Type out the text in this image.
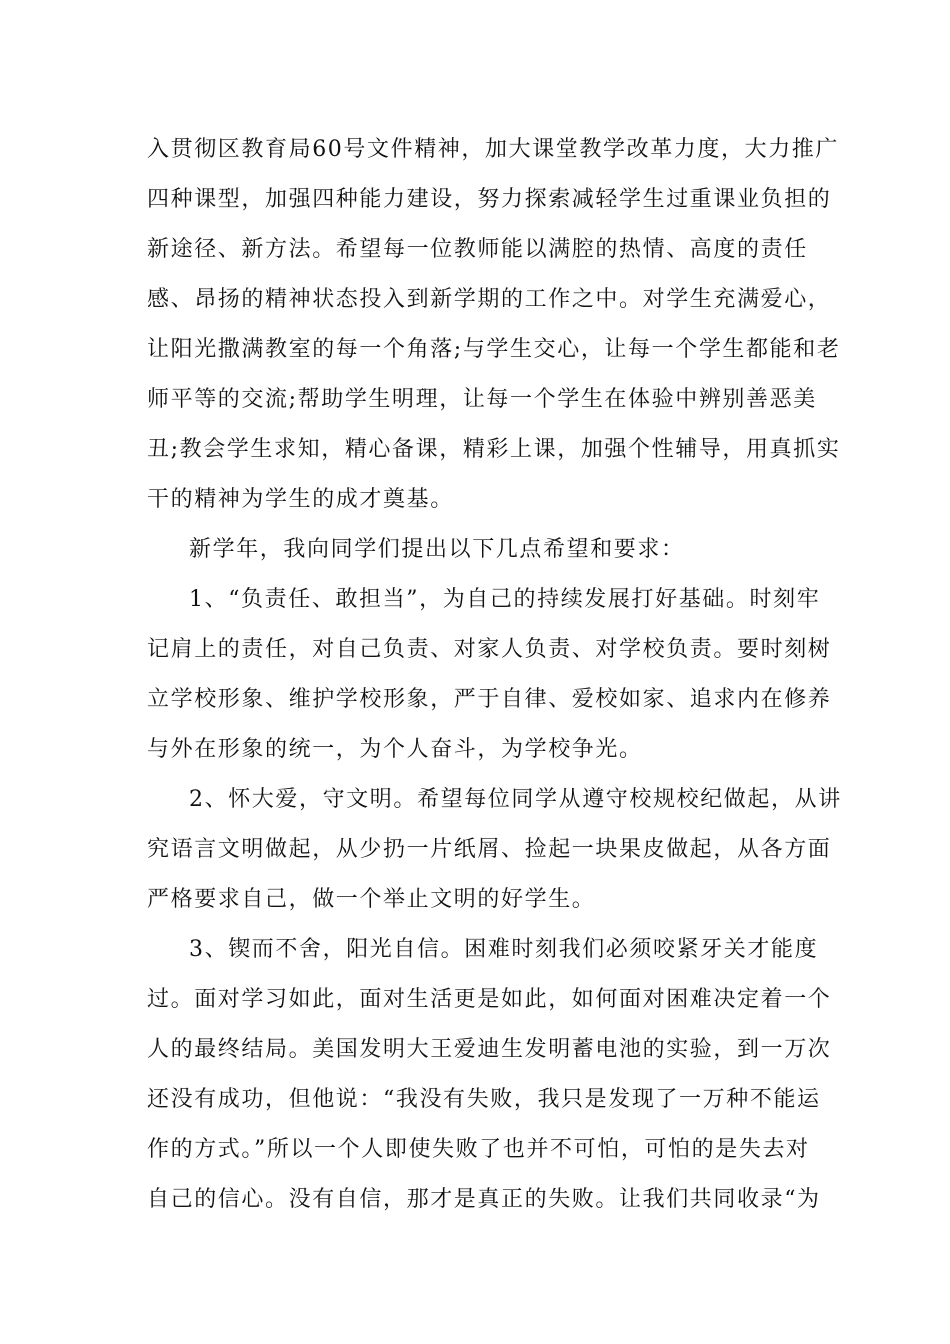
入贯彻区教育局60号文件精神，加大课堂教学改革力度，大力推广
四种课型，加强四种能力建设，努力探索减轻学生过重课业负担的
新途径、新方法。希望每一位教师能以满腔的热情、高度的责任
感、昂扬的精神状态投入到新学期的工作之中。对学生充满爱心，
让阳光撒满教室的每一个角落;与学生交心，让每一个学生都能和老
师平等的交流;帮助学生明理，让每一个学生在体验中辨别善恶美
丑;教会学生求知，精心备课，精彩上课，加强个性辅导，用真抓实
干的精神为学生的成才奠基。
新学年，我向同学们提出以下几点希望和要求：
1、“负责任、敢担当”，为自己的持续发展打好基础。时刻牢
记肩上的责任，对自己负责、对家人负责、对学校负责。要时刻树
立学校形象、维护学校形象，严于自律、爱校如家、追求内在修养
与外在形象的统一，为个人奋斗，为学校争光。
2、怀大爱，守文明。希望每位同学从遵守校规校纪做起，从讲
究语言文明做起，从少扔一片纸屑、捡起一块果皮做起，从各方面
严格要求自己，做一个举止文明的好学生。
3、锲而不舍，阳光自信。困难时刻我们必须咬紧牙关才能度
过。面对学习如此，面对生活更是如此，如何面对困难决定着一个
人的最终结局。美国发明大王爱迪生发明蓄电池的实验，到一万次
还没有成功，但他说：“我没有失败，我只是发现了一万种不能运
作的方式。”所以一个人即使失败了也并不可怕，可怕的是失去对
自己的信心。没有自信，那才是真正的失败。让我们共同收录“为
